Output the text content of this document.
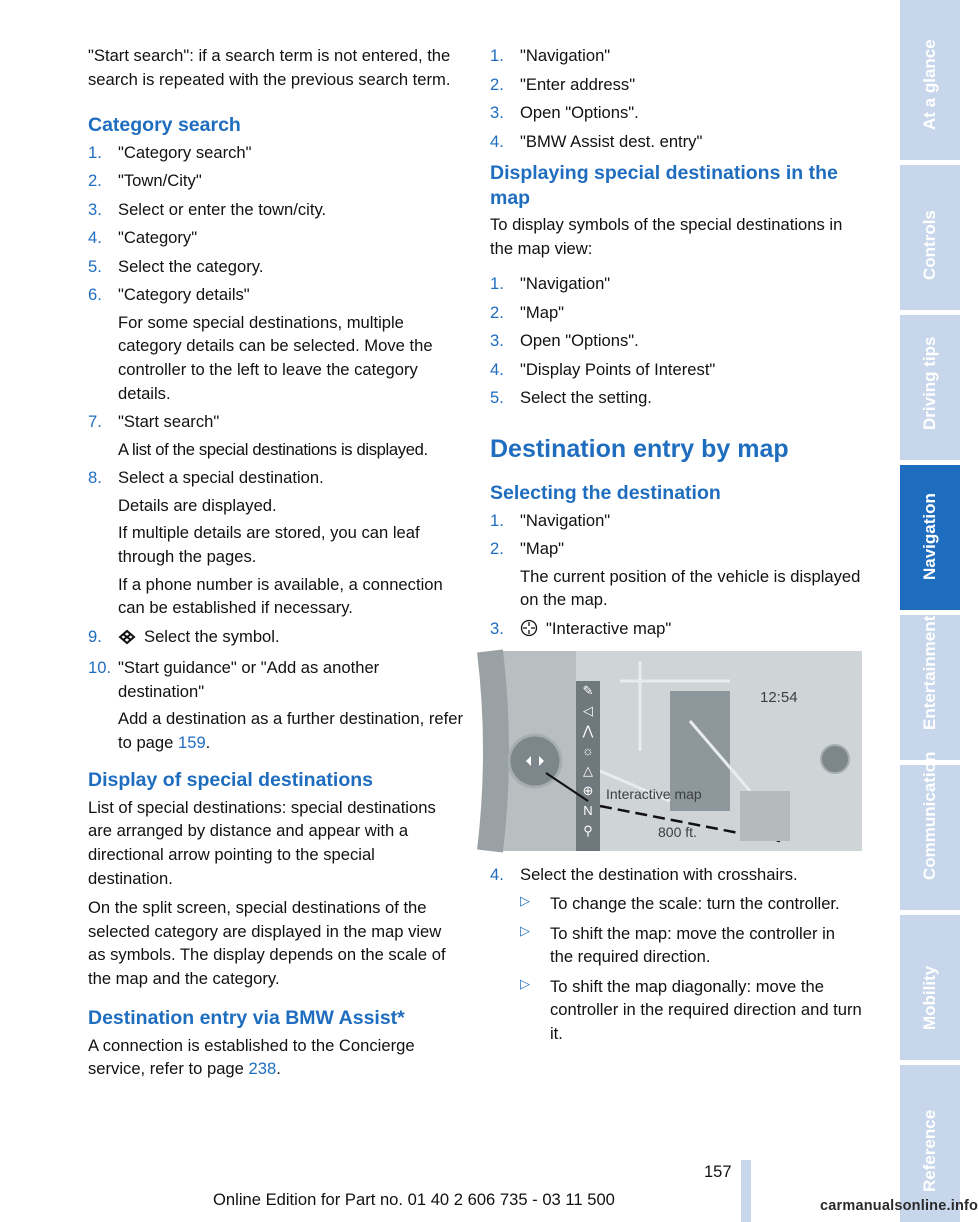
"Start search": if a search term is not entered, the search is repeated with the previous search term.

Category search
1. "Category search"
2. "Town/City"
3. Select or enter the town/city.
4. "Category"
5. Select the category.
6. "Category details"
For some special destinations, multiple category details can be selected. Move the controller to the left to leave the category details.
7. "Start search"
A list of the special destinations is displayed.
8. Select a special destination.
Details are displayed.
If multiple details are stored, you can leaf through the pages.
If a phone number is available, a connection can be established if necessary.
9.	Select the symbol.
10. "Start guidance" or "Add as another destination"
Add a destination as a further destination, refer to page 159.
Display of special destinations

List of special destinations: special destinations are arranged by distance and appear with a directional arrow pointing to the special destination.

On the split screen, special destinations of the selected category are displayed in the map view as symbols. The display depends on the scale of the map and the category.

Destination entry via BMW Assist*

A connection is established to the Concierge service, refer to page 238.

1. "Navigation"
2. "Enter address"
3. Open "Options".
4. "BMW Assist dest. entry"
Displaying special destinations in the map

To display symbols of the special destinations in the map view:

1. "Navigation"
2. "Map"
3. Open "Options".
4. "Display Points of Interest"
5. Select the setting.
Destination entry by map
Selecting the destination
1. "Navigation"
2. "Map"
The current position of the vehicle is displayed on the map.
3.	"Interactive map"
✎
◁
⋀
☼
△
⊕
N
⚲
12:54
Interactive map
800 ft.
4. Select the destination with crosshairs.
▷ To change the scale: turn the controller.
▷ To shift the map: move the controller in the required direction.
▷ To shift the map diagonally: move the controller in the required direction and turn it.
At a glance
Controls
Driving tips
Navigation
Entertainment
Communication
Mobility
Reference
157
Online Edition for Part no. 01 40 2 606 735 - 03 11 500	carmanualsonline.info
